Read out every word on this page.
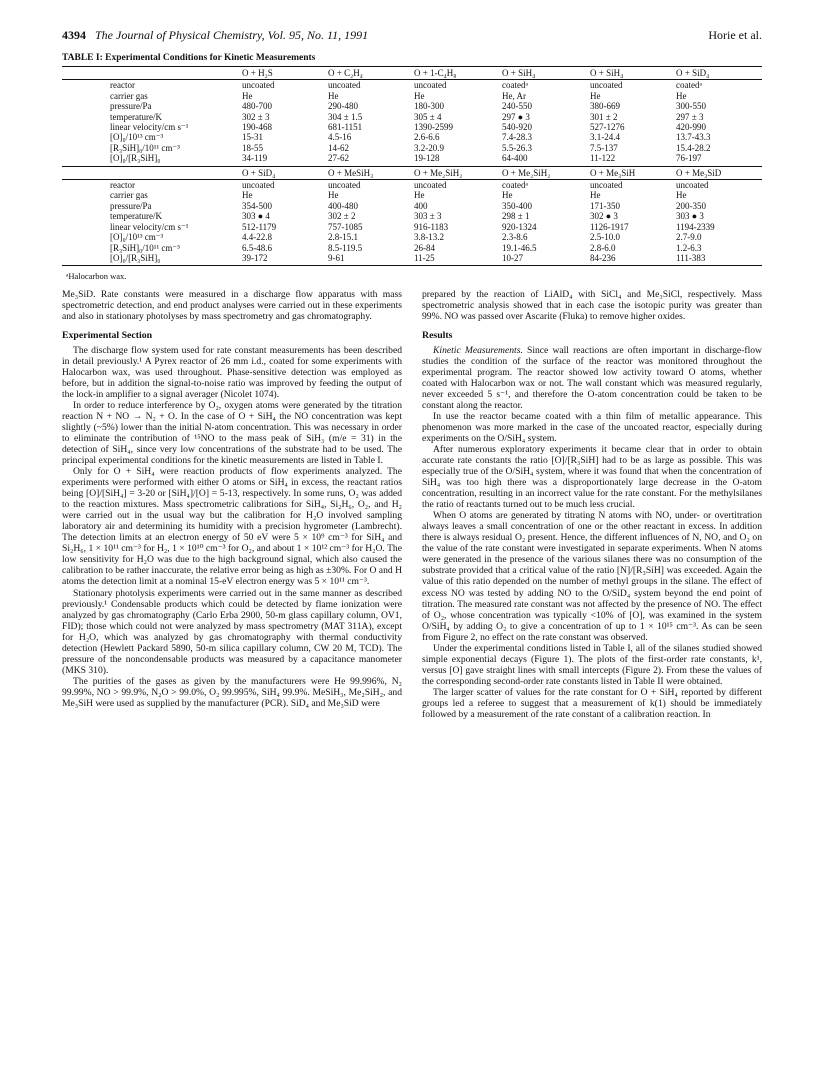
4394 The Journal of Physical Chemistry, Vol. 95, No. 11, 1991	Horie et al.
TABLE I: Experimental Conditions for Kinetic Measurements
	O + H₂S	O + C₂H₄	O + 1-C₄H₈	O + SiH₄	O + SiH₄	O + SiD₄
reactor	uncoated	uncoated	uncoated	coatedᵃ	uncoated	coatedᵃ
carrier gas	He	He	He	He, Ar	He	He
pressure/Pa	480-700	290-480	180-300	240-550	380-669	300-550
temperature/K	302 ± 3	304 ± 1.5	305 ± 4	297 ● 3	301 ± 2	297 ± 3
linear velocity/cm s⁻¹	190-468	681-1151	1390-2599	540-920	527-1276	420-990
[O]₀/10¹³ cm⁻³	15-31	4.5-16	2.6-6.6	7.4-28.3	3.1-24.4	13.7-43.3
[R₃SiH]₀/10¹¹ cm⁻³	18-55	14-62	3.2-20.9	5.5-26.3	7.5-137	15.4-28.2
[O]₀/[R₃SiH]₀	34-119	27-62	19-128	64-400	11-122	76-197
	O + SiD₄	O + MeSiH₃	O + Me₂SiH₂	O + Me₂SiH₂	O + Me₃SiH	O + Me₃SiD
reactor	uncoated	uncoated	uncoated	coatedᵃ	uncoated	uncoated
carrier gas	He	He	He	He	He	He
pressure/Pa	354-500	400-480	400	350-400	171-350	200-350
temperature/K	303 ● 4	302 ± 2	303 ± 3	298 ± 1	302 ● 3	303 ● 3
linear velocity/cm s⁻¹	512-1179	757-1085	916-1183	920-1324	1126-1917	1194-2339
[O]₀/10¹³ cm⁻³	4.4-22.8	2.8-15.1	3.8-13.2	2.3-8.6	2.5-10.0	2.7-9.0
[R₃SiH]₀/10¹¹ cm⁻³	6.5-48.6	8.5-119.5	26-84	19.1-46.5	2.8-6.0	1.2-6.3
[O]₀/[R₃SiH]₀	39-172	9-61	11-25	10-27	84-236	111-383
ᵃHalocarbon wax.

Me₃SiD. Rate constants were measured in a discharge flow apparatus with mass spectrometric detection, and end product analyses were carried out in these experiments and also in stationary photolyses by mass spectrometry and gas chromatography.

Experimental Section

The discharge flow system used for rate constant measurements has been described in detail previously.¹ A Pyrex reactor of 26 mm i.d., coated for some experiments with Halocarbon wax, was used throughout. Phase-sensitive detection was employed as before, but in addition the signal-to-noise ratio was improved by feeding the output of the lock-in amplifier to a signal averager (Nicolet 1074).

In order to reduce interference by O₂, oxygen atoms were generated by the titration reaction N + NO → N₂ + O. In the case of O + SiH₄ the NO concentration was kept slightly (~5%) lower than the initial N-atom concentration. This was necessary in order to eliminate the contribution of ¹⁵NO to the mass peak of SiH₃ (m/e = 31) in the detection of SiH₄, since very low concentrations of the substrate had to be used. The principal experimental conditions for the kinetic measurements are listed in Table I.

Only for O + SiH₄ were reaction products of flow experiments analyzed. The experiments were performed with either O atoms or SiH₄ in excess, the reactant ratios being [O]/[SiH₄] = 3-20 or [SiH₄]/[O] = 5-13, respectively. In some runs, O₂ was added to the reaction mixtures. Mass spectrometric calibrations for SiH₄, Si₂H₆, O₂, and H₂ were carried out in the usual way but the calibration for H₂O involved sampling laboratory air and determining its humidity with a precision hygrometer (Lambrecht). The detection limits at an electron energy of 50 eV were 5 × 10⁹ cm⁻³ for SiH₄ and Si₂H₆, 1 × 10¹¹ cm⁻³ for H₂, 1 × 10¹⁰ cm⁻³ for O₂, and about 1 × 10¹² cm⁻³ for H₂O. The low sensitivity for H₂O was due to the high background signal, which also caused the calibration to be rather inaccurate, the relative error being as high as ±30%. For O and H atoms the detection limit at a nominal 15-eV electron energy was 5 × 10¹¹ cm⁻³.

Stationary photolysis experiments were carried out in the same manner as described previously.¹ Condensable products which could be detected by flame ionization were analyzed by gas chromatography (Carlo Erba 2900, 50-m glass capillary column, OV1, FID); those which could not were analyzed by mass spectrometry (MAT 311A), except for H₂O, which was analyzed by gas chromatography with thermal conductivity detection (Hewlett Packard 5890, 50-m silica capillary column, CW 20 M, TCD). The pressure of the noncondensable products was measured by a capacitance manometer (MKS 310).

The purities of the gases as given by the manufacturers were He 99.996%, N₂ 99.99%, NO > 99.9%, N₂O > 99.0%, O₂ 99.995%, SiH₄ 99.9%. MeSiH₃, Me₂SiH₂, and Me₃SiH were used as supplied by the manufacturer (PCR). SiD₄ and Me₃SiD were

prepared by the reaction of LiAlD₄ with SiCl₄ and Me₃SiCl, respectively. Mass spectrometric analysis showed that in each case the isotopic purity was greater than 99%. NO was passed over Ascarite (Fluka) to remove higher oxides.

Results

Kinetic Measurements. Since wall reactions are often important in discharge-flow studies the condition of the surface of the reactor was monitored throughout the experimental program. The reactor showed low activity toward O atoms, whether coated with Halocarbon wax or not. The wall constant which was measured regularly, never exceeded 5 s⁻¹, and therefore the O-atom concentration could be taken to be constant along the reactor.

In use the reactor became coated with a thin film of metallic appearance. This phenomenon was more marked in the case of the uncoated reactor, especially during experiments on the O/SiH₄ system.

After numerous exploratory experiments it became clear that in order to obtain accurate rate constants the ratio [O]/[R₃SiH] had to be as large as possible. This was especially true of the O/SiH₄ system, where it was found that when the concentration of SiH₄ was too high there was a disproportionately large decrease in the O-atom concentration, resulting in an incorrect value for the rate constant. For the methylsilanes the ratio of reactants turned out to be much less crucial.

When O atoms are generated by titrating N atoms with NO, under- or overtitration always leaves a small concentration of one or the other reactant in excess. In addition there is always residual O₂ present. Hence, the different influences of N, NO, and O₂ on the value of the rate constant were investigated in separate experiments. When N atoms were generated in the presence of the various silanes there was no consumption of the substrate provided that a critical value of the ratio [N]/[R₃SiH] was exceeded. Again the value of this ratio depended on the number of methyl groups in the silane. The effect of excess NO was tested by adding NO to the O/SiD₄ system beyond the end point of titration. The measured rate constant was not affected by the presence of NO. The effect of O₂, whose concentration was typically <10% of [O], was examined in the system O/SiH₄ by adding O₂ to give a concentration of up to 1 × 10¹⁵ cm⁻³. As can be seen from Figure 2, no effect on the rate constant was observed.

Under the experimental conditions listed in Table I, all of the silanes studied showed simple exponential decays (Figure 1). The plots of the first-order rate constants, k¹, versus [O] gave straight lines with small intercepts (Figure 2). From these the values of the corresponding second-order rate constants listed in Table II were obtained.

The larger scatter of values for the rate constant for O + SiH₄ reported by different groups led a referee to suggest that a measurement of k(1) should be immediately followed by a measurement of the rate constant of a calibration reaction. In
